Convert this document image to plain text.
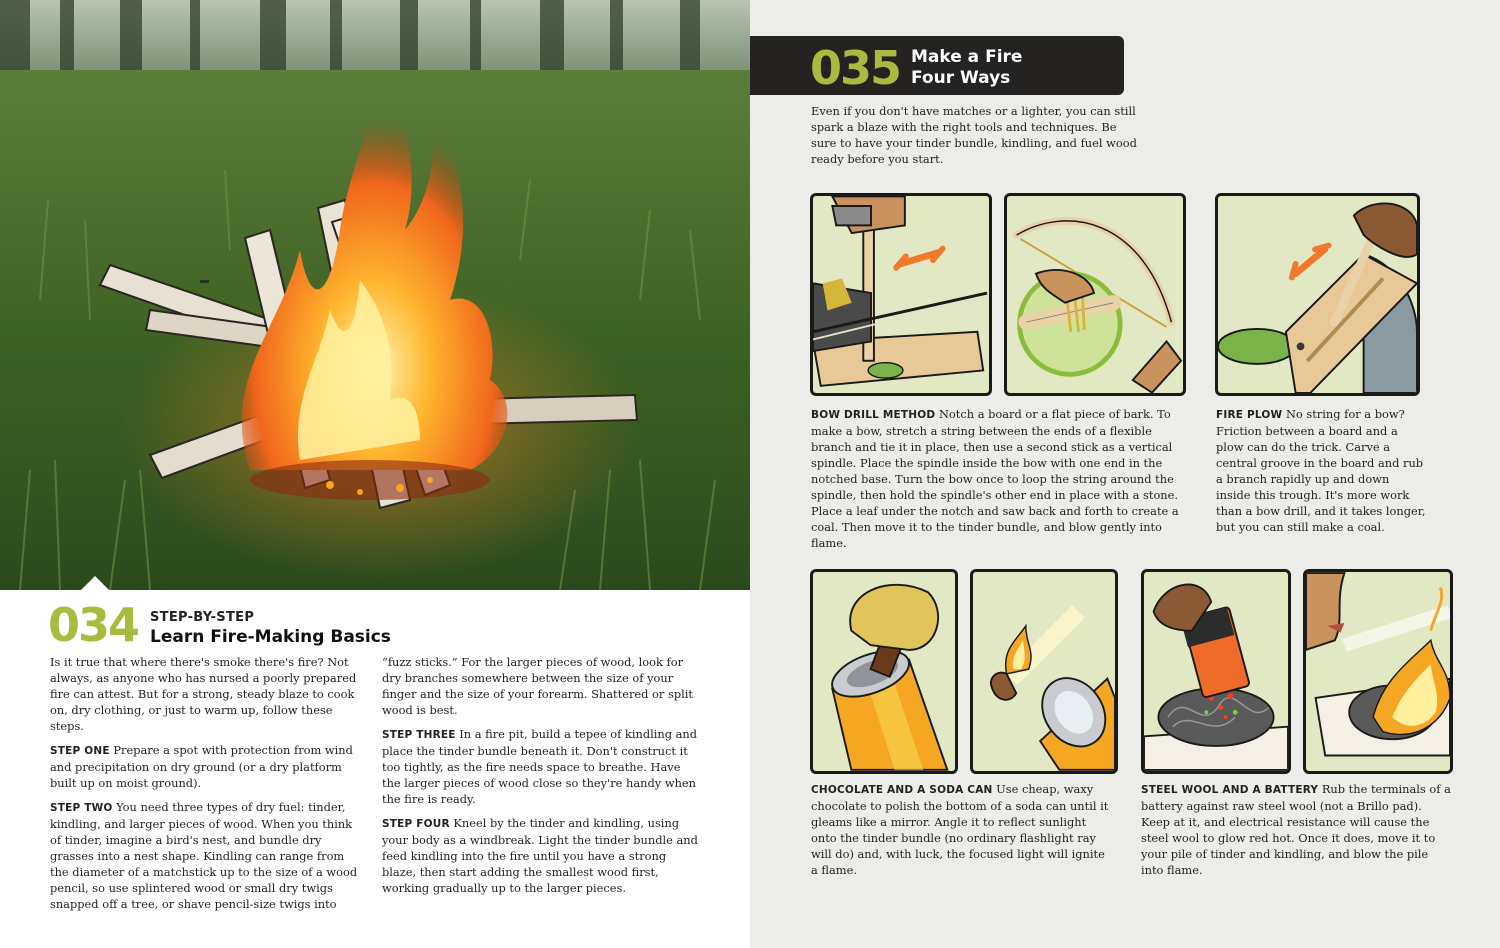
034 STEP-BY-STEP
Learn Fire-Making Basics

Is it true that where there's smoke there's fire? Not always, as anyone who has nursed a poorly prepared fire can attest. But for a strong, steady blaze to cook on, dry clothing, or just to warm up, follow these steps.

STEP ONE Prepare a spot with protection from wind and precipitation on dry ground (or a dry platform built up on moist ground).

STEP TWO You need three types of dry fuel: tinder, kindling, and larger pieces of wood. When you think of tinder, imagine a bird's nest, and bundle dry grasses into a nest shape. Kindling can range from the diameter of a matchstick up to the size of a wood pencil, so use splintered wood or small dry twigs snapped off a tree, or shave pencil-size twigs into

“fuzz sticks.” For the larger pieces of wood, look for dry branches somewhere between the size of your finger and the size of your forearm. Shattered or split wood is best.

STEP THREE In a fire pit, build a tepee of kindling and place the tinder bundle beneath it. Don't construct it too tightly, as the fire needs space to breathe. Have the larger pieces of wood close so they're handy when the fire is ready.

STEP FOUR Kneel by the tinder and kindling, using your body as a windbreak. Light the tinder bundle and feed kindling into the fire until you have a strong blaze, then start adding the smallest wood first, working gradually up to the larger pieces.

035 Make a Fire
Four Ways
Even if you don't have matches or a lighter, you can still spark a blaze with the right tools and techniques. Be sure to have your tinder bundle, kindling, and fuel wood ready before you start.
BOW DRILL METHOD Notch a board or a flat piece of bark. To make a bow, stretch a string between the ends of a flexible branch and tie it in place, then use a second stick as a vertical spindle. Place the spindle inside the bow with one end in the notched base. Turn the bow once to loop the string around the spindle, then hold the spindle's other end in place with a stone. Place a leaf under the notch and saw back and forth to create a coal. Then move it to the tinder bundle, and blow gently into flame.
FIRE PLOW No string for a bow? Friction between a board and a plow can do the trick. Carve a central groove in the board and rub a branch rapidly up and down inside this trough. It's more work than a bow drill, and it takes longer, but you can still make a coal.
CHOCOLATE AND A SODA CAN Use cheap, waxy chocolate to polish the bottom of a soda can until it gleams like a mirror. Angle it to reflect sunlight onto the tinder bundle (no ordinary flashlight ray will do) and, with luck, the focused light will ignite a flame.
STEEL WOOL AND A BATTERY Rub the terminals of a battery against raw steel wool (not a Brillo pad). Keep at it, and electrical resistance will cause the steel wool to glow red hot. Once it does, move it to your pile of tinder and kindling, and blow the pile into flame.
